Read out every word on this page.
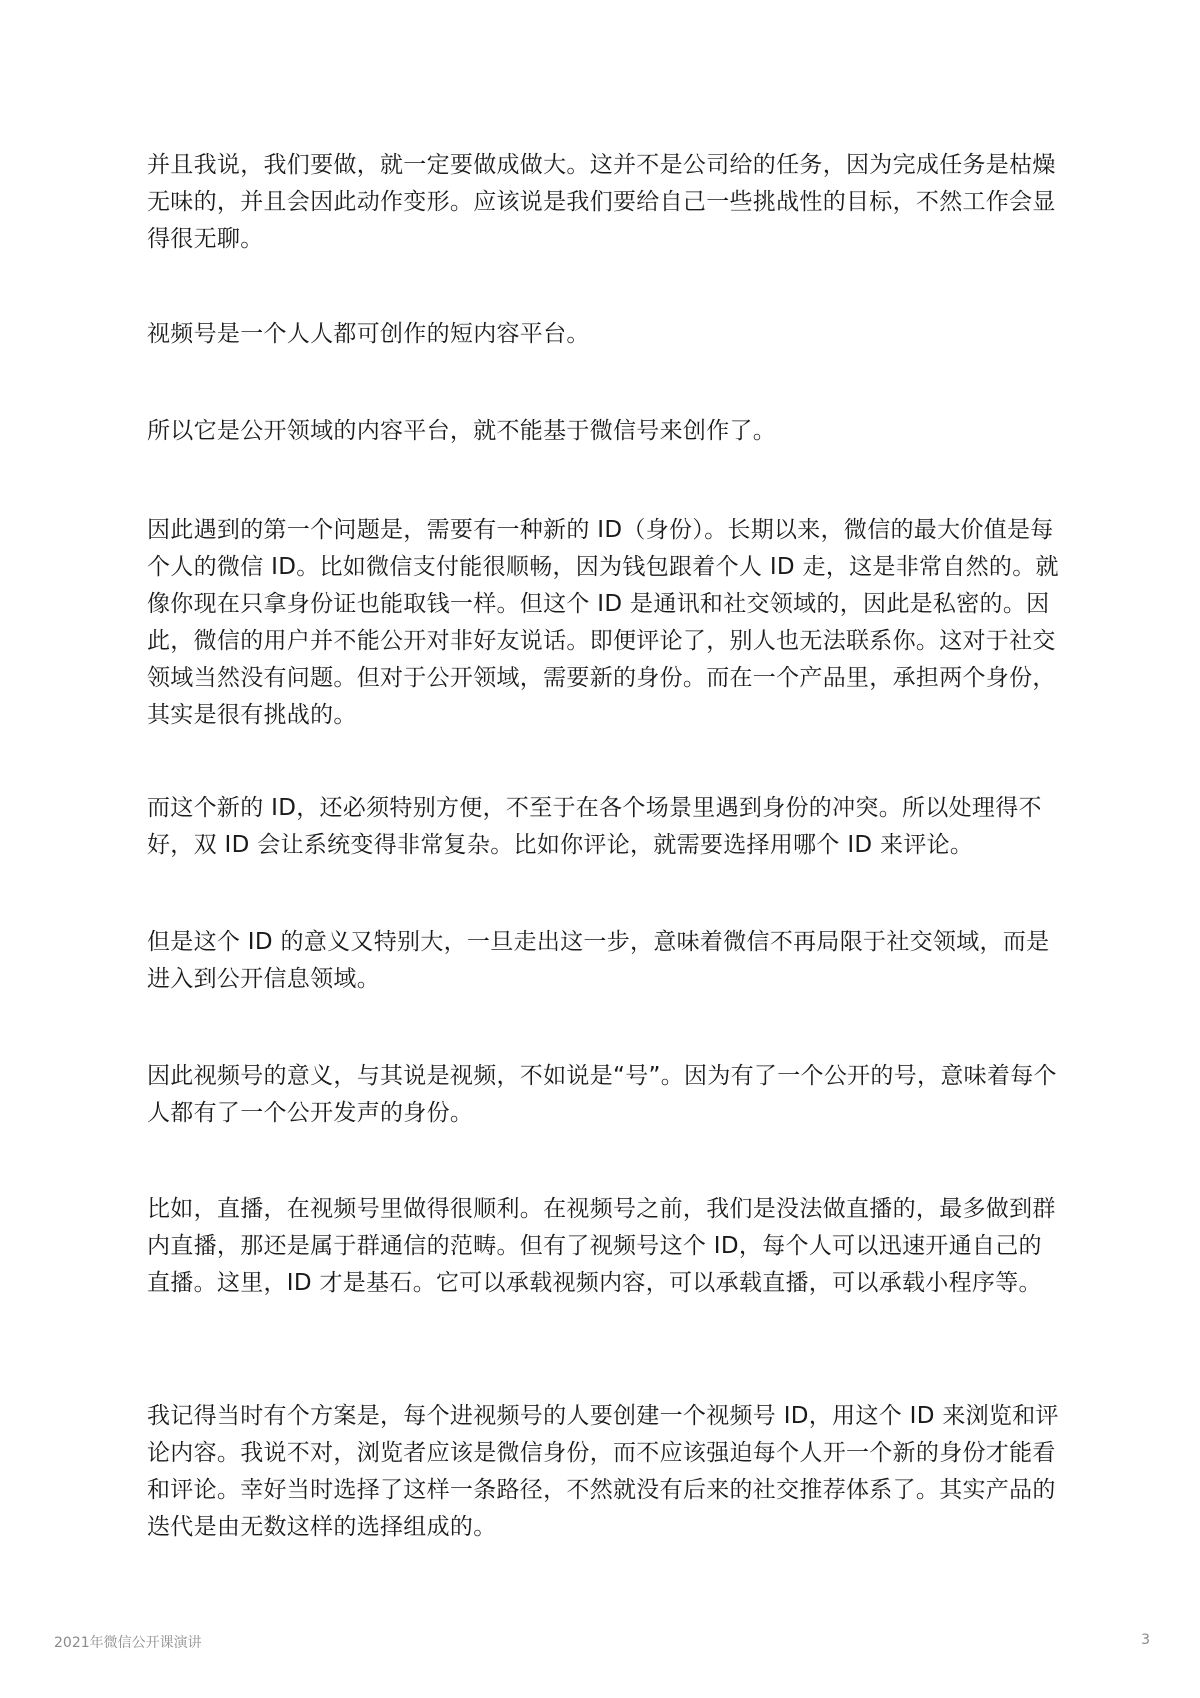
并且我说，我们要做，就一定要做成做大。这并不是公司给的任务，因为完成任务是枯燥无味的，并且会因此动作变形。应该说是我们要给自己一些挑战性的目标，不然工作会显得很无聊。

视频号是一个人人都可创作的短内容平台。

所以它是公开领域的内容平台，就不能基于微信号来创作了。

因此遇到的第一个问题是，需要有一种新的 ID（身份）。长期以来，微信的最大价值是每个人的微信 ID。比如微信支付能很顺畅，因为钱包跟着个人 ID 走，这是非常自然的。就像你现在只拿身份证也能取钱一样。但这个 ID 是通讯和社交领域的，因此是私密的。因此，微信的用户并不能公开对非好友说话。即便评论了，别人也无法联系你。这对于社交领域当然没有问题。但对于公开领域，需要新的身份。而在一个产品里，承担两个身份，其实是很有挑战的。

而这个新的 ID，还必须特别方便，不至于在各个场景里遇到身份的冲突。所以处理得不好，双 ID 会让系统变得非常复杂。比如你评论，就需要选择用哪个 ID 来评论。

但是这个 ID 的意义又特别大，一旦走出这一步，意味着微信不再局限于社交领域，而是进入到公开信息领域。

因此视频号的意义，与其说是视频，不如说是“号”。因为有了一个公开的号，意味着每个人都有了一个公开发声的身份。

比如，直播，在视频号里做得很顺利。在视频号之前，我们是没法做直播的，最多做到群内直播，那还是属于群通信的范畴。但有了视频号这个 ID，每个人可以迅速开通自己的直播。这里，ID 才是基石。它可以承载视频内容，可以承载直播，可以承载小程序等。

我记得当时有个方案是，每个进视频号的人要创建一个视频号 ID，用这个 ID 来浏览和评论内容。我说不对，浏览者应该是微信身份，而不应该强迫每个人开一个新的身份才能看和评论。幸好当时选择了这样一条路径，不然就没有后来的社交推荐体系了。其实产品的迭代是由无数这样的选择组成的。

2021年微信公开课演讲	3
